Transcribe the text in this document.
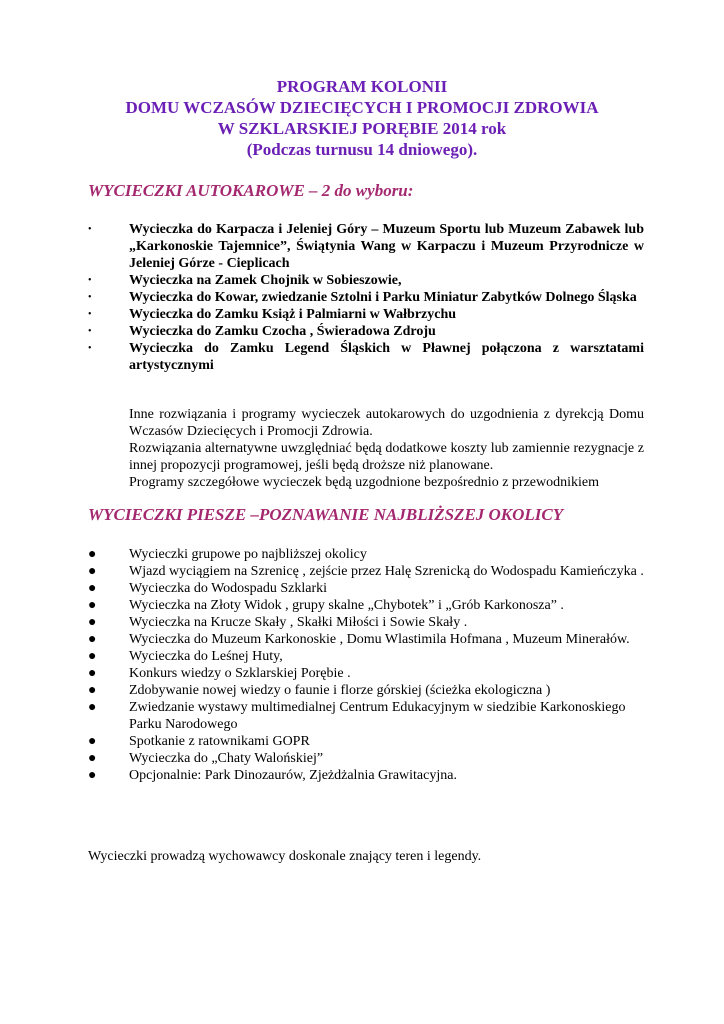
PROGRAM KOLONII
DOMU WCZASÓW DZIECIĘCYCH I PROMOCJI ZDROWIA
W SZKLARSKIEJ PORĘBIE 2014 rok
(Podczas turnusu 14 dniowego).
WYCIECZKI AUTOKAROWE – 2 do wyboru:
•	Wycieczka do Karpacza i Jeleniej Góry – Muzeum Sportu lub Muzeum Zabawek lub „Karkonoskie Tajemnice”, Świątynia Wang w Karpaczu i Muzeum Przyrodnicze w Jeleniej Górze - Cieplicach
•	Wycieczka na Zamek Chojnik w Sobieszowie,
•	Wycieczka do Kowar, zwiedzanie Sztolni i Parku Miniatur Zabytków Dolnego Śląska
•	Wycieczka do Zamku Książ i Palmiarni w Wałbrzychu
•	Wycieczka do Zamku Czocha , Świeradowa Zdroju
•	Wycieczka do Zamku Legend Śląskich w Pławnej połączona z warsztatami artystycznymi

Inne rozwiązania i programy wycieczek autokarowych do uzgodnienia z dyrekcją Domu Wczasów Dziecięcych i Promocji Zdrowia.

Rozwiązania alternatywne uwzględniać będą dodatkowe koszty lub zamiennie rezygnacje z innej propozycji programowej, jeśli będą droższe niż planowane.

Programy szczegółowe wycieczek będą uzgodnione bezpośrednio z przewodnikiem

WYCIECZKI PIESZE –POZNAWANIE NAJBLIŻSZEJ OKOLICY
● Wycieczki grupowe po najbliższej okolicy
● Wjazd wyciągiem na Szrenicę , zejście przez Halę Szrenicką do Wodospadu Kamieńczyka .
● Wycieczka do Wodospadu Szklarki
● Wycieczka na Złoty Widok , grupy skalne „Chybotek” i „Grób Karkonosza” .
● Wycieczka na Krucze Skały , Skałki Miłości i Sowie Skały .
● Wycieczka do Muzeum Karkonoskie , Domu Wlastimila Hofmana , Muzeum Minerałów.
● Wycieczka do Leśnej Huty,
● Konkurs wiedzy o Szklarskiej Porębie .
● Zdobywanie nowej wiedzy o faunie i florze górskiej (ścieżka ekologiczna )
● Zwiedzanie wystawy multimedialnej Centrum Edukacyjnym w siedzibie Karkonoskiego Parku Narodowego
● Spotkanie z ratownikami GOPR
● Wycieczka do „Chaty Walońskiej”
● Opcjonalnie: Park Dinozaurów, Zjeżdżalnia Grawitacyjna.
Wycieczki prowadzą wychowawcy doskonale znający teren i legendy.
